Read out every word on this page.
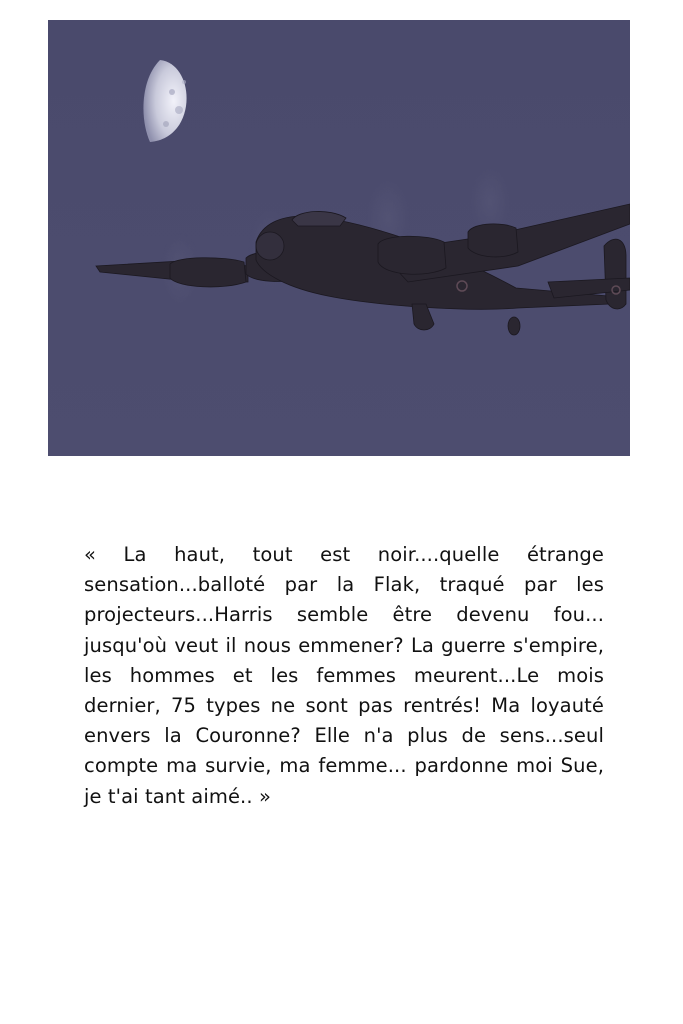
« La haut, tout est noir....quelle étrange sensation...balloté par la Flak, traqué par les projecteurs...Harris semble être devenu fou... jusqu'où veut il nous emmener? La guerre s'empire, les hommes et les femmes meurent...Le mois dernier, 75 types ne sont pas rentrés! Ma loyauté envers la Couronne? Elle n'a plus de sens...seul compte ma survie, ma femme... pardonne moi Sue, je t'ai tant aimé.. »
